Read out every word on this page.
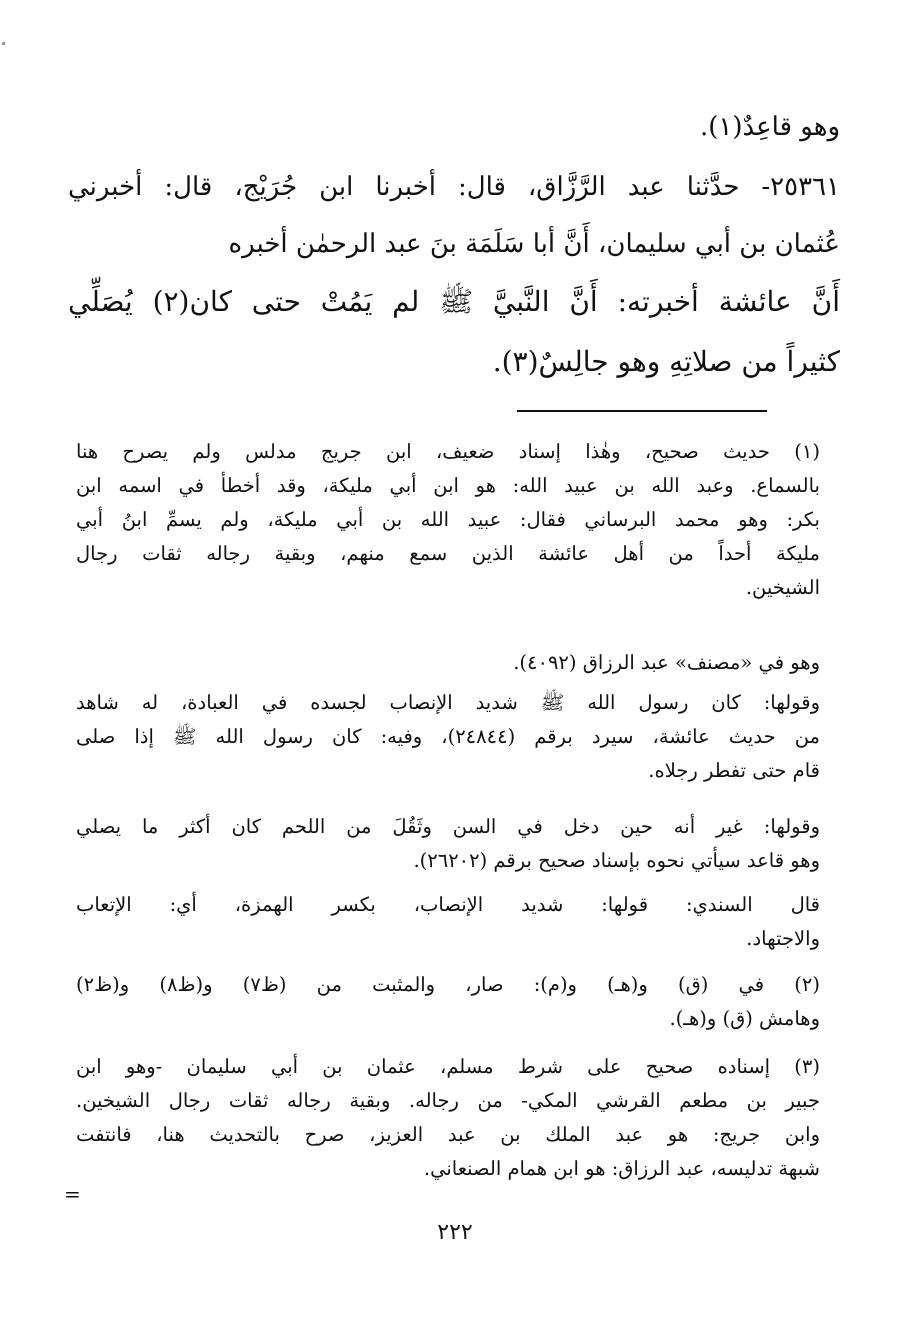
وهو قاعِدٌ(١).
٢٥٣٦١- حدَّثنا عبد الرَّزَّاق، قال: أخبرنا ابن جُرَيْج، قال: أخبرني
عُثمان بن أبي سليمان، أَنَّ أبا سَلَمَة بنَ عبد الرحمٰن أخبره
أَنَّ عائشة أخبرته: أَنَّ النَّبيَّ ﷺ لم يَمُتْ حتى كان(٢) يُصَلِّي
كثيراً من صلاتِهِ وهو جالِسٌ(٣).
(١) حديث صحيح، وهٰذا إسناد ضعيف، ابن جريج مدلس ولم يصرح هنا
بالسماع. وعبد الله بن عبيد الله: هو ابن أبي مليكة، وقد أخطأ في اسمه ابن
بكر: وهو محمد البرساني فقال: عبيد الله بن أبي مليكة، ولم يسمِّ ابنُ أبي
مليكة أحداً من أهل عائشة الذين سمع منهم، وبقية رجاله ثقات رجال
الشيخين.
وهو في «مصنف» عبد الرزاق (٤٠٩٢).
وقولها: كان رسول الله ﷺ شديد الإنصاب لجسده في العبادة، له شاهد
من حديث عائشة، سيرد برقم (٢٤٨٤٤)، وفيه: كان رسول الله ﷺ إذا صلى
قام حتى تفطر رجلاه.
وقولها: غير أنه حين دخل في السن وثَقُلَ من اللحم كان أكثر ما يصلي
وهو قاعد سيأتي نحوه بإسناد صحيح برقم (٢٦٢٠٢).
قال السندي: قولها: شديد الإنصاب، بكسر الهمزة، أي: الإتعاب
والاجتهاد.
(٢) في (ق) و(هـ) و(م): صار، والمثبت من (ظ٧) و(ظ٨) و(ظ٢)
وهامش (ق) و(هـ).
(٣) إسناده صحيح على شرط مسلم، عثمان بن أبي سليمان -وهو ابن
جبير بن مطعم القرشي المكي- من رجاله. وبقية رجاله ثقات رجال الشيخين.
وابن جريج: هو عبد الملك بن عبد العزيز، صرح بالتحديث هنا، فانتفت
شبهة تدليسه، عبد الرزاق: هو ابن همام الصنعاني.
=
٢٢٢
